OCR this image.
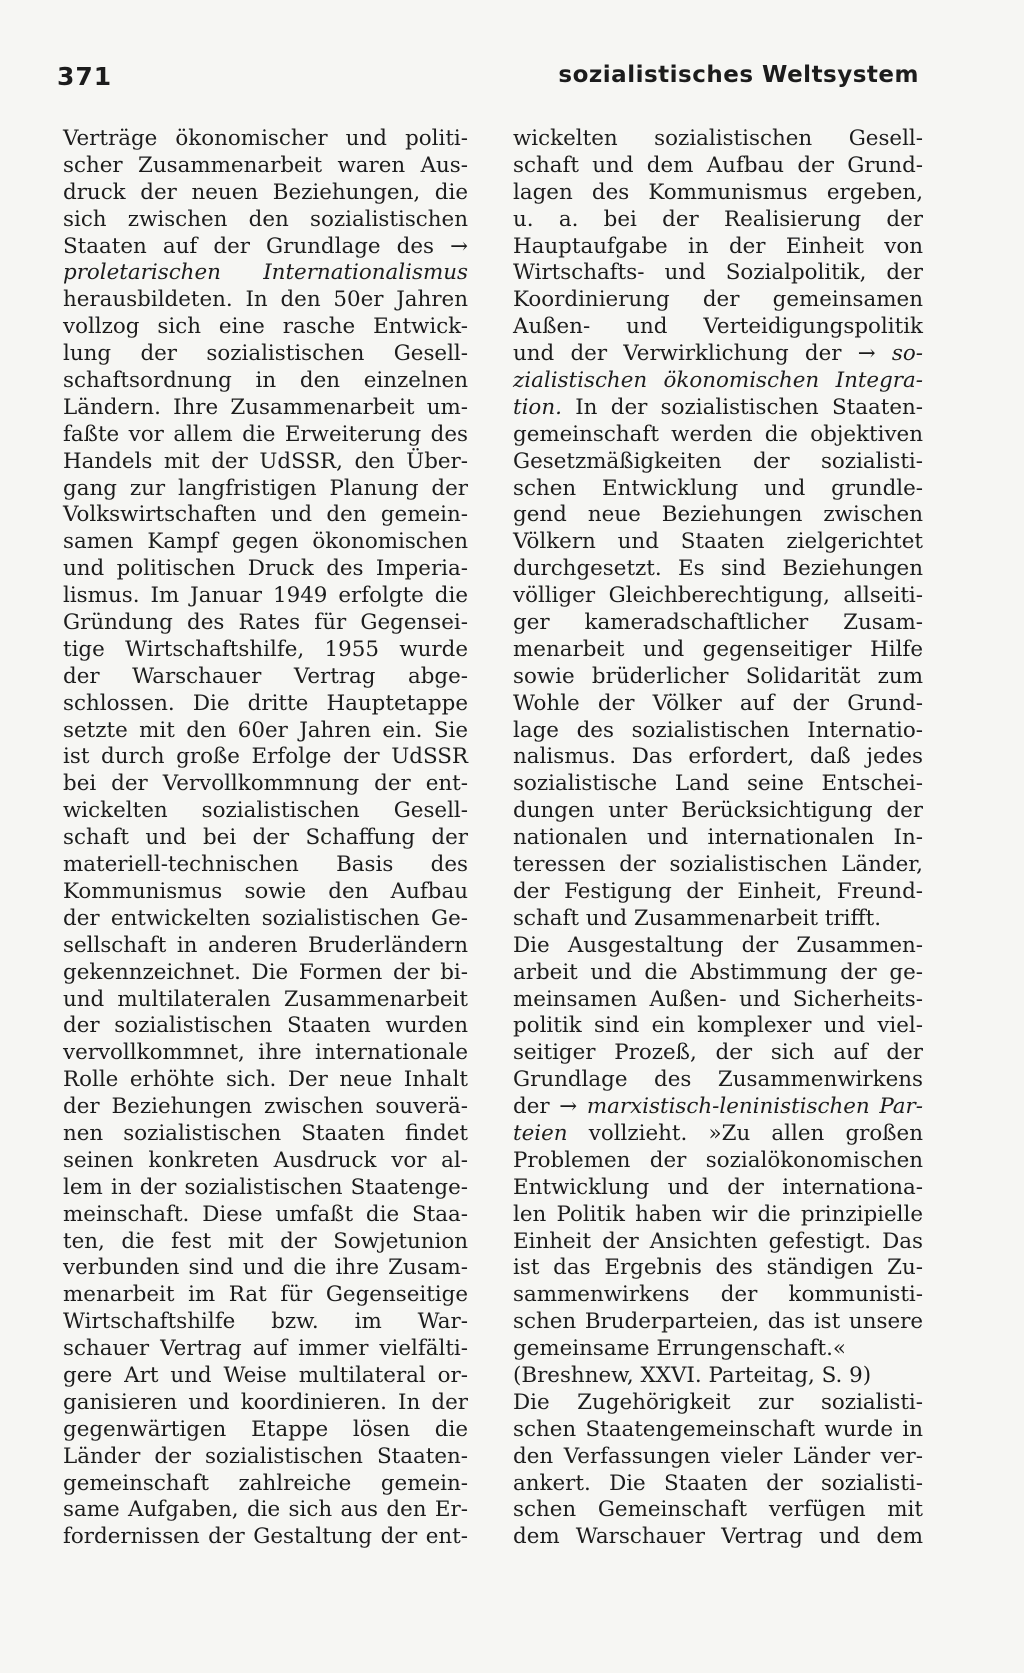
371	sozialistisches Weltsystem
Verträge ökonomischer und politi-
scher Zusammenarbeit waren Aus-
druck der neuen Beziehungen, die
sich zwischen den sozialistischen
Staaten auf der Grundlage des →
proletarischen Internationalismus
herausbildeten. In den 50er Jahren
vollzog sich eine rasche Entwick-
lung der sozialistischen Gesell-
schaftsordnung in den einzelnen
Ländern. Ihre Zusammenarbeit um-
faßte vor allem die Erweiterung des
Handels mit der UdSSR, den Über-
gang zur langfristigen Planung der
Volkswirtschaften und den gemein-
samen Kampf gegen ökonomischen
und politischen Druck des Imperia-
lismus. Im Januar 1949 erfolgte die
Gründung des Rates für Gegensei-
tige Wirtschaftshilfe, 1955 wurde
der Warschauer Vertrag abge-
schlossen. Die dritte Hauptetappe
setzte mit den 60er Jahren ein. Sie
ist durch große Erfolge der UdSSR
bei der Vervollkommnung der ent-
wickelten sozialistischen Gesell-
schaft und bei der Schaffung der
materiell-technischen Basis des
Kommunismus sowie den Aufbau
der entwickelten sozialistischen Ge-
sellschaft in anderen Bruderländern
gekennzeichnet. Die Formen der bi-
und multilateralen Zusammenarbeit
der sozialistischen Staaten wurden
vervollkommnet, ihre internationale
Rolle erhöhte sich. Der neue Inhalt
der Beziehungen zwischen souverä-
nen sozialistischen Staaten findet
seinen konkreten Ausdruck vor al-
lem in der sozialistischen Staatenge-
meinschaft. Diese umfaßt die Staa-
ten, die fest mit der Sowjetunion
verbunden sind und die ihre Zusam-
menarbeit im Rat für Gegenseitige
Wirtschaftshilfe bzw. im War-
schauer Vertrag auf immer vielfälti-
gere Art und Weise multilateral or-
ganisieren und koordinieren. In der
gegenwärtigen Etappe lösen die
Länder der sozialistischen Staaten-
gemeinschaft zahlreiche gemein-
same Aufgaben, die sich aus den Er-
fordernissen der Gestaltung der ent-
wickelten sozialistischen Gesell-
schaft und dem Aufbau der Grund-
lagen des Kommunismus ergeben,
u. a. bei der Realisierung der
Hauptaufgabe in der Einheit von
Wirtschafts- und Sozialpolitik, der
Koordinierung der gemeinsamen
Außen- und Verteidigungspolitik
und der Verwirklichung der → so-
zialistischen ökonomischen Integra-
tion. In der sozialistischen Staaten-
gemeinschaft werden die objektiven
Gesetzmäßigkeiten der sozialisti-
schen Entwicklung und grundle-
gend neue Beziehungen zwischen
Völkern und Staaten zielgerichtet
durchgesetzt. Es sind Beziehungen
völliger Gleichberechtigung, allseiti-
ger kameradschaftlicher Zusam-
menarbeit und gegenseitiger Hilfe
sowie brüderlicher Solidarität zum
Wohle der Völker auf der Grund-
lage des sozialistischen Internatio-
nalismus. Das erfordert, daß jedes
sozialistische Land seine Entschei-
dungen unter Berücksichtigung der
nationalen und internationalen In-
teressen der sozialistischen Länder,
der Festigung der Einheit, Freund-
schaft und Zusammenarbeit trifft.
Die Ausgestaltung der Zusammen-
arbeit und die Abstimmung der ge-
meinsamen Außen- und Sicherheits-
politik sind ein komplexer und viel-
seitiger Prozeß, der sich auf der
Grundlage des Zusammenwirkens
der → marxistisch-leninistischen Par-
teien vollzieht. »Zu allen großen
Problemen der sozialökonomischen
Entwicklung und der internationa-
len Politik haben wir die prinzipielle
Einheit der Ansichten gefestigt. Das
ist das Ergebnis des ständigen Zu-
sammenwirkens der kommunisti-
schen Bruderparteien, das ist unsere
gemeinsame Errungenschaft.«
(Breshnew, XXVI. Parteitag, S. 9)
Die Zugehörigkeit zur sozialisti-
schen Staatengemeinschaft wurde in
den Verfassungen vieler Länder ver-
ankert. Die Staaten der sozialisti-
schen Gemeinschaft verfügen mit
dem Warschauer Vertrag und dem
